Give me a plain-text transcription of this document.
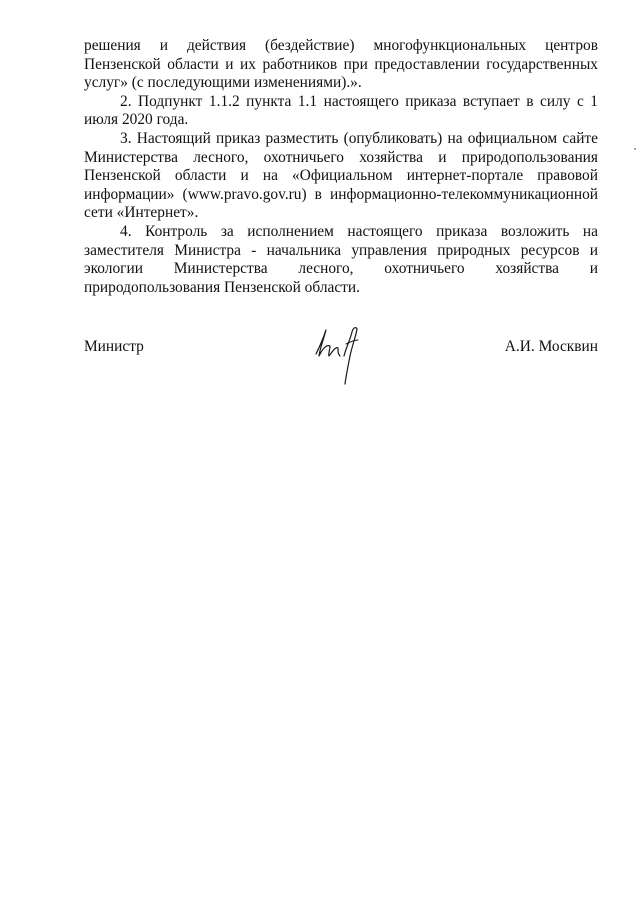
решения и действия (бездействие) многофункциональных центров Пензенской области и их работников при предоставлении государственных услуг» (с последующими изменениями).».

2. Подпункт 1.1.2 пункта 1.1 настоящего приказа вступает в силу с 1 июля 2020 года.

3. Настоящий приказ разместить (опубликовать) на официальном сайте Министерства лесного, охотничьего хозяйства и природопользования Пензенской области и на «Официальном интернет-портале правовой информации» (www.pravo.gov.ru) в информационно-телекоммуникационной сети «Интернет».

4. Контроль за исполнением настоящего приказа возложить на заместителя Министра - начальника управления природных ресурсов и экологии Министерства лесного, охотничьего хозяйства и природопользования Пензенской области.

Министр	А.И. Москвин
